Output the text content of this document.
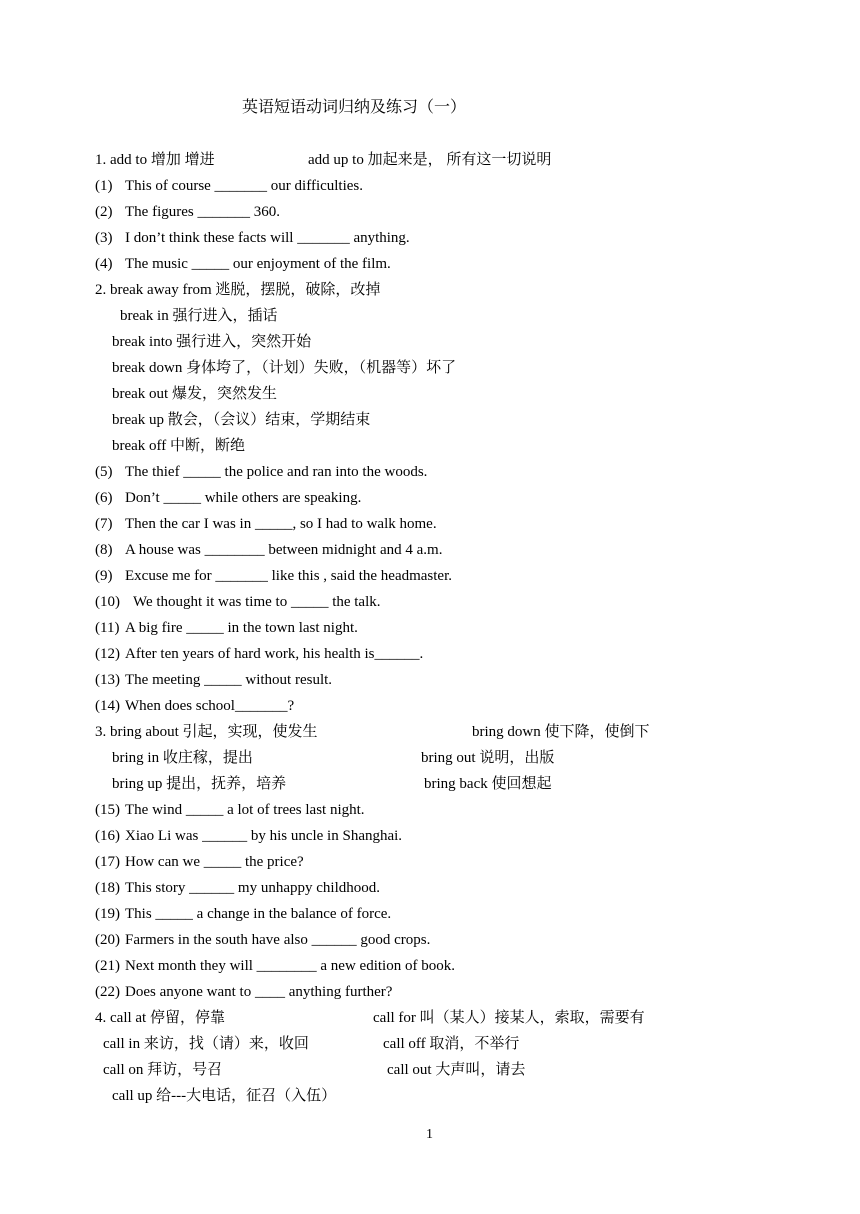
英语短语动词归纳及练习（一）
1. add to 增加 增进	add up to 加起来是， 所有这一切说明
(1) This of course _______ our difficulties.
(2) The figures _______ 360.
(3) I don’t think these facts will _______ anything.
(4) The music _____ our enjoyment of the film.
2. break away from 逃脱，摆脱，破除，改掉
break in 强行进入，插话
break into 强行进入，突然开始
break down 身体垮了，（计划）失败，（机器等）坏了
break out 爆发，突然发生
break up 散会，（会议）结束，学期结束
break off 中断，断绝
(5) The thief _____ the police and ran into the woods.
(6) Don’t _____ while others are speaking.
(7) Then the car I was in _____, so I had to walk home.
(8) A house was ________ between midnight and 4 a.m.
(9) Excuse me for _______ like this , said the headmaster.
(10) We thought it was time to _____ the talk.
(11) A big fire _____ in the town last night.
(12) After ten years of hard work, his health is______.
(13) The meeting _____ without result.
(14) When does school_______?
3. bring about 引起，实现，使发生	bring down 使下降，使倒下
bring in 收庄稼，提出	bring out 说明，出版
bring up 提出，抚养，培养	bring back 使回想起
(15) The wind _____ a lot of trees last night.
(16) Xiao Li was ______ by his uncle in Shanghai.
(17) How can we _____ the price?
(18) This story ______ my unhappy childhood.
(19) This _____ a change in the balance of force.
(20) Farmers in the south have also ______ good crops.
(21) Next month they will ________ a new edition of book.
(22) Does anyone want to ____ anything further?
4. call at 停留，停靠	call for 叫（某人）接某人，索取，需要有
call in 来访，找（请）来，收回	call off 取消，不举行
call on 拜访，号召	call out 大声叫，请去
call up 给---大电话，征召（入伍）
1
